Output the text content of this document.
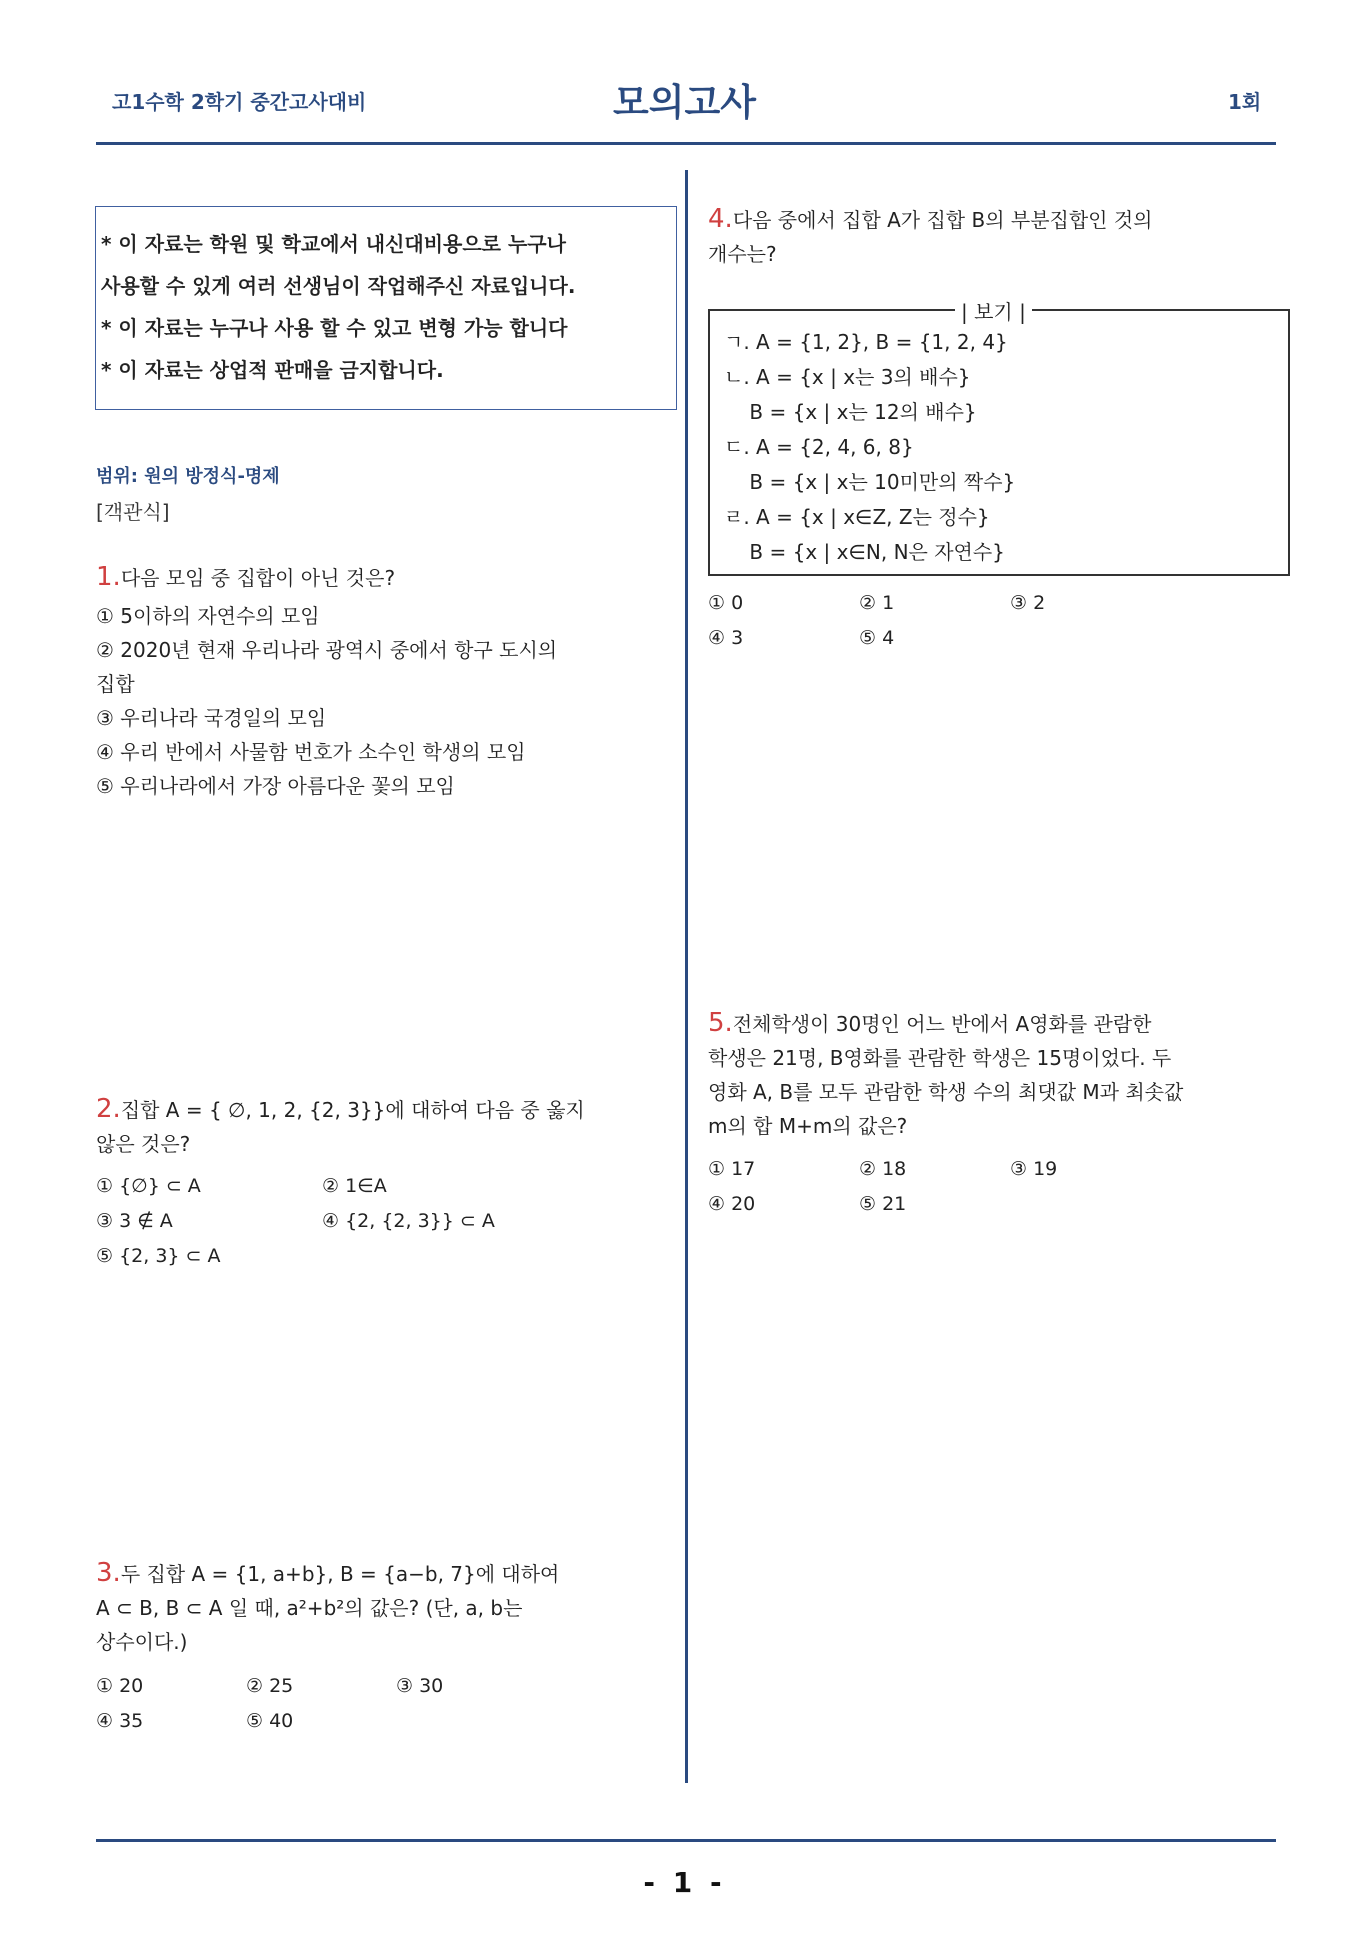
고1수학 2학기 중간고사대비	모의고사	1회

* 이 자료는 학원 및 학교에서 내신대비용으로 누구나

사용할 수 있게 여러 선생님이 작업해주신 자료입니다.

* 이 자료는 누구나 사용 할 수 있고 변형 가능 합니다

* 이 자료는 상업적 판매을 금지합니다.

범위: 원의 방정식-명제
[객관식]
1.다음 모임 중 집합이 아닌 것은?
① 5이하의 자연수의 모임
② 2020년 현재 우리나라 광역시 중에서 항구 도시의
집합
③ 우리나라 국경일의 모임
④ 우리 반에서 사물함 번호가 소수인 학생의 모임
⑤ 우리나라에서 가장 아름다운 꽃의 모임
2.집합 A = { ∅, 1, 2, {2, 3}}에 대하여 다음 중 옳지
않은 것은?
① {∅} ⊂ A	② 1∈A
③ 3 ∉ A	④ {2, {2, 3}} ⊂ A
⑤ {2, 3} ⊂ A
3.두 집합 A = {1, a+b}, B = {a−b, 7}에 대하여
A ⊂ B, B ⊂ A 일 때, a²+b²의 값은? (단, a, b는
상수이다.)
① 20	② 25	③ 30
④ 35	⑤ 40
4.다음 중에서 집합 A가 집합 B의 부분집합인 것의
개수는?
| 보기 |
ㄱ. A = {1, 2}, B = {1, 2, 4}
ㄴ. A = {x | x는 3의 배수}
B = {x | x는 12의 배수}
ㄷ. A = {2, 4, 6, 8}
B = {x | x는 10미만의 짝수}
ㄹ. A = {x | x∈Z, Z는 정수}
B = {x | x∈N, N은 자연수}
① 0	② 1	③ 2
④ 3	⑤ 4
5.전체학생이 30명인 어느 반에서 A영화를 관람한
학생은 21명, B영화를 관람한 학생은 15명이었다. 두
영화 A, B를 모두 관람한 학생 수의 최댓값 M과 최솟값
m의 합 M+m의 값은?
① 17	② 18	③ 19
④ 20	⑤ 21
- 1 -
